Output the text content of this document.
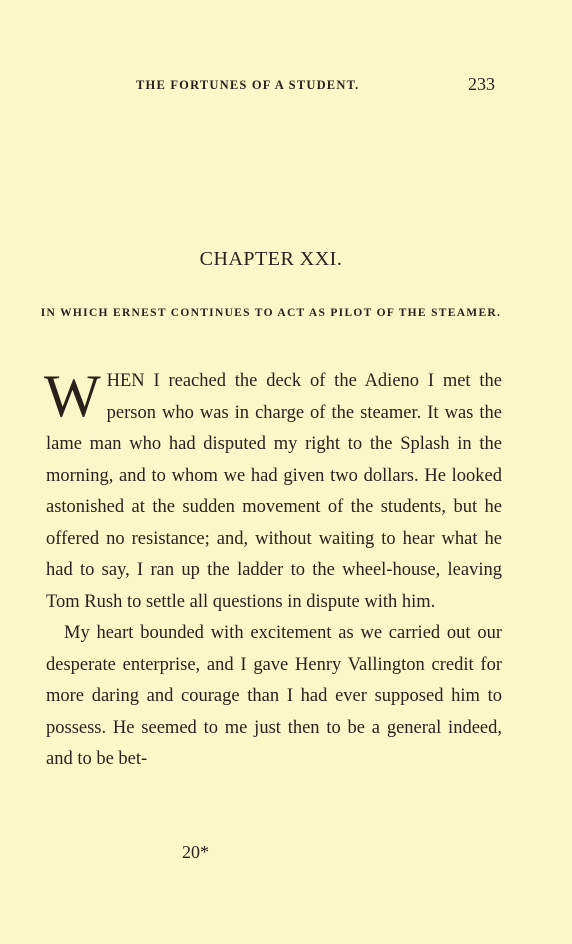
THE FORTUNES OF A STUDENT.	233
CHAPTER XXI.
IN WHICH ERNEST CONTINUES TO ACT AS PILOT OF THE STEAMER.

WHEN I reached the deck of the Adieno I met the person who was in charge of the steamer. It was the lame man who had disputed my right to the Splash in the morning, and to whom we had given two dollars. He looked astonished at the sudden movement of the students, but he offered no resistance; and, without waiting to hear what he had to say, I ran up the ladder to the wheel-house, leaving Tom Rush to settle all questions in dispute with him.

My heart bounded with excitement as we carried out our desperate enterprise, and I gave Henry Vallington credit for more daring and courage than I had ever supposed him to possess. He seemed to me just then to be a general indeed, and to be bet-

20*
